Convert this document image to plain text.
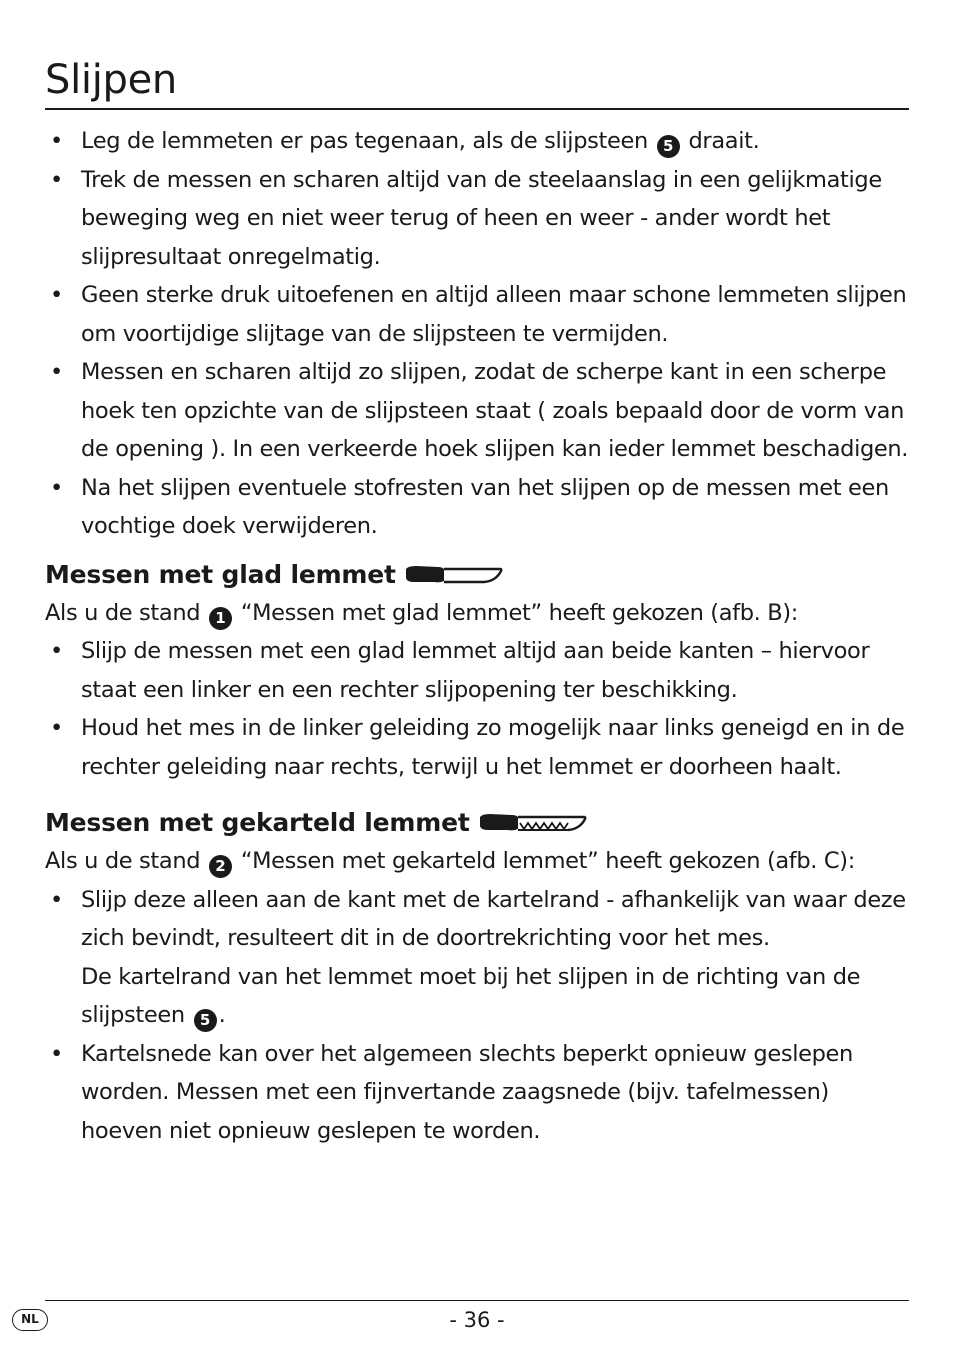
Slijpen
• Leg de lemmeten er pas tegenaan, als de slijpsteen 5 draait.
• Trek de messen en scharen altijd van de steelaanslag in een gelijkmatige beweging weg en niet weer terug of heen en weer - ander wordt het slijpresultaat onregelmatig.
• Geen sterke druk uitoefenen en altijd alleen maar schone lemmeten slijpen om voortijdige slijtage van de slijpsteen te vermijden.
• Messen en scharen altijd zo slijpen, zodat de scherpe kant in een scherpe hoek ten opzichte van de slijpsteen staat ( zoals bepaald door de vorm van de opening ). In een verkeerde hoek slijpen kan ieder lemmet beschadigen.
• Na het slijpen eventuele stofresten van het slijpen op de messen met een vochtige doek verwijderen.
Messen met glad lemmet

Als u de stand 1 “Messen met glad lemmet” heeft gekozen (afb. B):

• Slijp de messen met een glad lemmet altijd aan beide kanten – hiervoor staat een linker en een rechter slijpopening ter beschikking.
• Houd het mes in de linker geleiding zo mogelijk naar links geneigd en in de rechter geleiding naar rechts, terwijl u het lemmet er doorheen haalt.
Messen met gekarteld lemmet

Als u de stand 2 “Messen met gekarteld lemmet” heeft gekozen (afb. C):

• Slijp deze alleen aan de kant met de kartelrand - afhankelijk van waar deze zich bevindt, resulteert dit in de doortrekrichting voor het mes.
De kartelrand van het lemmet moet bij het slijpen in de richting van de slijpsteen 5 .
• Kartelsnede kan over het algemeen slechts beperkt opnieuw geslepen worden. Messen met een fijnvertande zaagsnede (bijv. tafelmessen) hoeven niet opnieuw geslepen te worden.
NL	- 36 -
